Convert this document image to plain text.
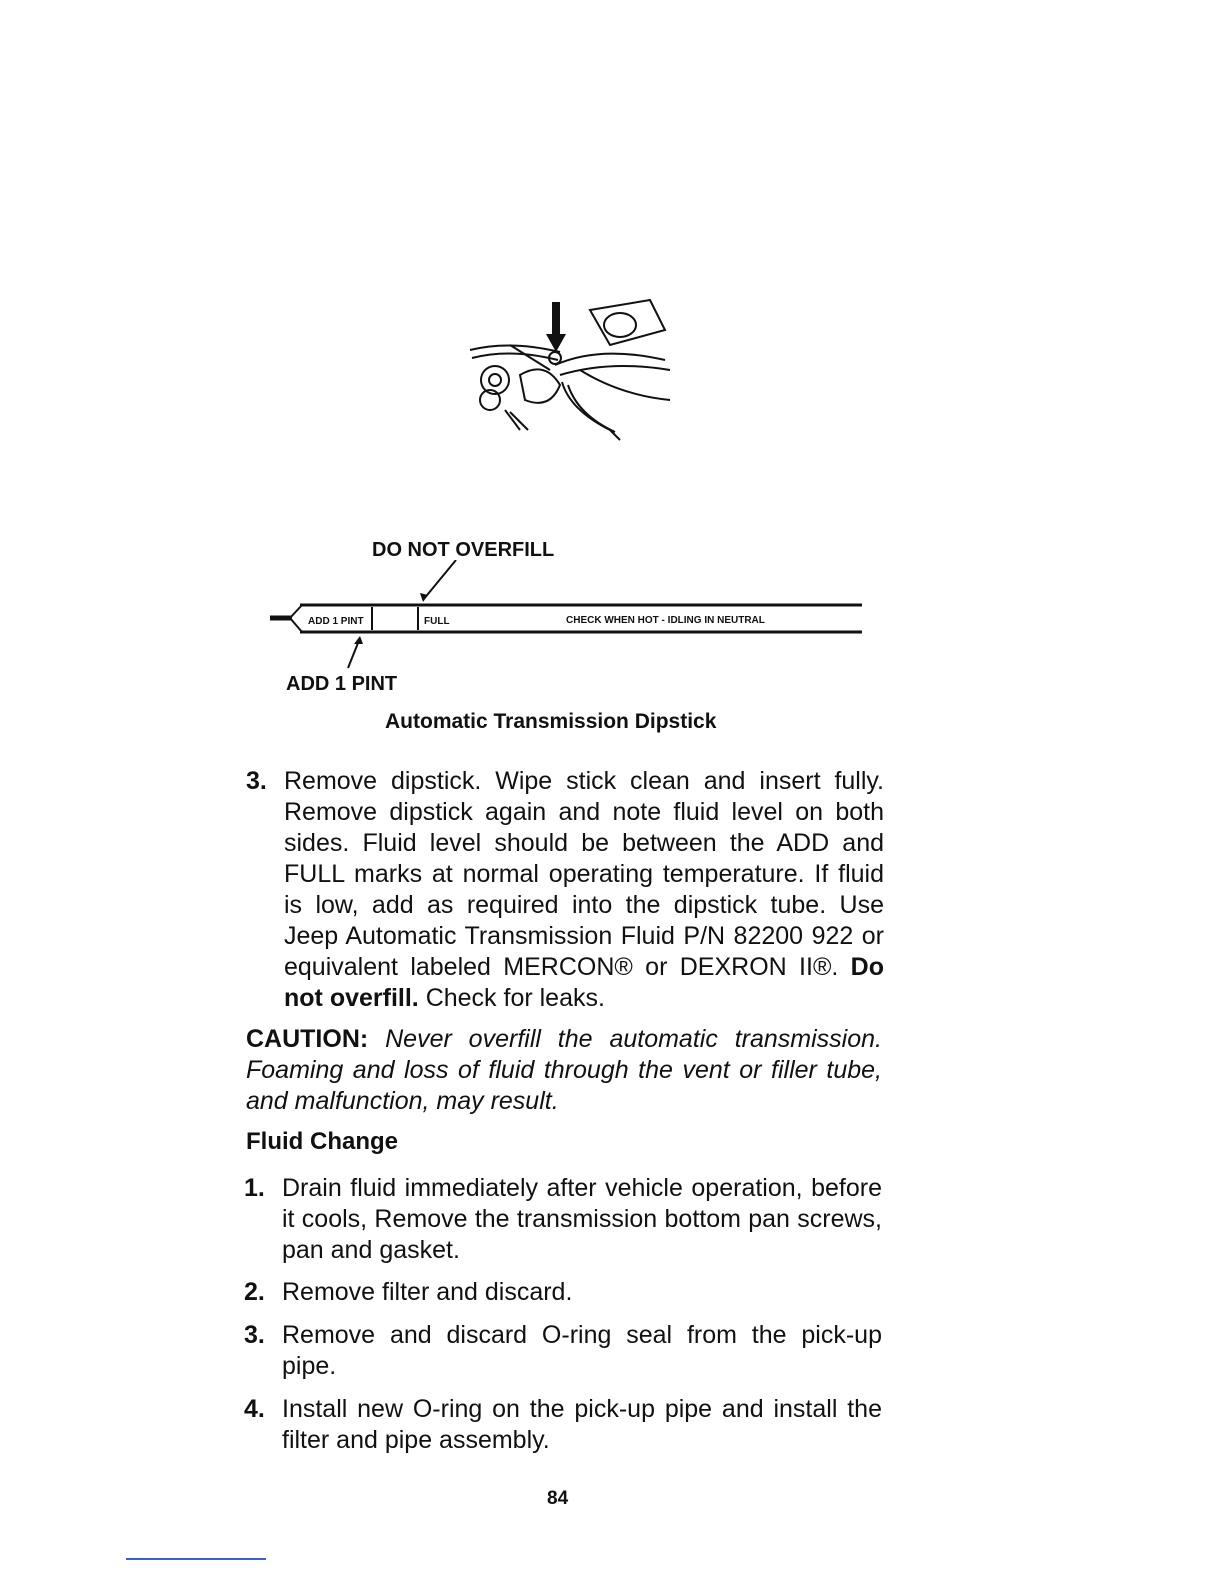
ADD 1 PINT	FULL	CHECK WHEN HOT - IDLING IN NEUTRAL
DO NOT OVERFILL
ADD 1 PINT
Automatic Transmission Dipstick
3. Remove dipstick. Wipe stick clean and insert fully. Remove dipstick again and note fluid level on both sides. Fluid level should be between the ADD and FULL marks at normal operating temperature. If fluid is low, add as required into the dipstick tube. Use Jeep Automatic Transmission Fluid P/N 82200 922 or equivalent labeled MERCON® or DEXRON II®. Do not overfill. Check for leaks.
CAUTION: Never overfill the automatic transmission. Foaming and loss of fluid through the vent or filler tube, and malfunction, may result.
Fluid Change
1. Drain fluid immediately after vehicle operation, before it cools, Remove the transmission bottom pan screws, pan and gasket.
2. Remove filter and discard.
3. Remove and discard O-ring seal from the pick-up pipe.
4. Install new O-ring on the pick-up pipe and install the filter and pipe assembly.
84
